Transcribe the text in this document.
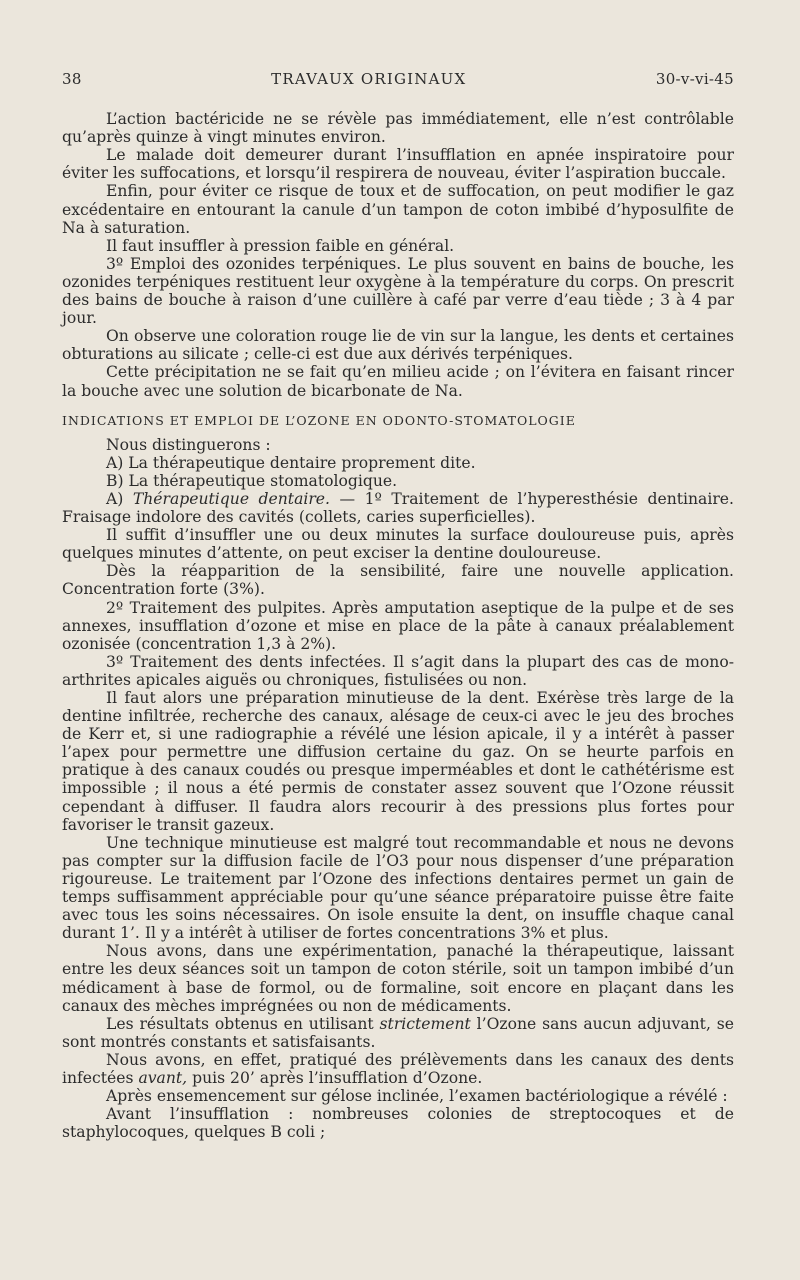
38	TRAVAUX ORIGINAUX	30-v-vi-45

L’action bactéricide ne se révèle pas immédiatement, elle n’est contrôlable qu’après quinze à vingt minutes environ.

Le malade doit demeurer durant l’insufflation en apnée inspiratoire pour éviter les suffocations, et lorsqu’il respirera de nouveau, éviter l’aspiration buccale.

Enfin, pour éviter ce risque de toux et de suffocation, on peut modifier le gaz excédentaire en entourant la canule d’un tampon de coton imbibé d’hyposulfite de Na à saturation.

Il faut insuffler à pression faible en général.

3º Emploi des ozonides terpéniques. Le plus souvent en bains de bouche, les ozonides terpéniques restituent leur oxygène à la température du corps. On prescrit des bains de bouche à raison d’une cuillère à café par verre d’eau tiède ; 3 à 4 par jour.

On observe une coloration rouge lie de vin sur la langue, les dents et certaines obturations au silicate ; celle-ci est due aux dérivés terpéniques.

Cette précipitation ne se fait qu’en milieu acide ; on l’évitera en faisant rincer la bouche avec une solution de bicarbonate de Na.

INDICATIONS ET EMPLOI DE L’OZONE EN ODONTO-STOMATOLOGIE

Nous distinguerons :

A) La thérapeutique dentaire proprement dite.

B) La thérapeutique stomatologique.

A) Thérapeutique dentaire. — 1º Traitement de l’hyperesthésie dentinaire. Fraisage indolore des cavités (collets, caries superficielles).

Il suffit d’insuffler une ou deux minutes la surface douloureuse puis, après quelques minutes d’attente, on peut exciser la dentine douloureuse.

Dès la réapparition de la sensibilité, faire une nouvelle application. Concentration forte (3%).

2º Traitement des pulpites. Après amputation aseptique de la pulpe et de ses annexes, insufflation d’ozone et mise en place de la pâte à canaux préalablement ozonisée (concentration 1,3 à 2%).

3º Traitement des dents infectées. Il s’agit dans la plupart des cas de mono-arthrites apicales aiguës ou chroniques, fistulisées ou non.

Il faut alors une préparation minutieuse de la dent. Exérèse très large de la dentine infiltrée, recherche des canaux, alésage de ceux-ci avec le jeu des broches de Kerr et, si une radiographie a révélé une lésion apicale, il y a intérêt à passer l’apex pour permettre une diffusion certaine du gaz. On se heurte parfois en pratique à des canaux coudés ou presque imperméables et dont le cathétérisme est impossible ; il nous a été permis de constater assez souvent que l’Ozone réussit cependant à diffuser. Il faudra alors recourir à des pressions plus fortes pour favoriser le transit gazeux.

Une technique minutieuse est malgré tout recommandable et nous ne devons pas compter sur la diffusion facile de l’O3 pour nous dispenser d’une préparation rigoureuse. Le traitement par l’Ozone des infections dentaires permet un gain de temps suffisamment appréciable pour qu’une séance préparatoire puisse être faite avec tous les soins nécessaires. On isole ensuite la dent, on insuffle chaque canal durant 1’. Il y a intérêt à utiliser de fortes concentrations 3% et plus.

Nous avons, dans une expérimentation, panaché la thérapeutique, laissant entre les deux séances soit un tampon de coton stérile, soit un tampon imbibé d’un médicament à base de formol, ou de formaline, soit encore en plaçant dans les canaux des mèches imprégnées ou non de médicaments.

Les résultats obtenus en utilisant strictement l’Ozone sans aucun adjuvant, se sont montrés constants et satisfaisants.

Nous avons, en effet, pratiqué des prélèvements dans les canaux des dents infectées avant, puis 20’ après l’insufflation d’Ozone.

Après ensemencement sur gélose inclinée, l’examen bactériologique a révélé :

Avant l’insufflation : nombreuses colonies de streptocoques et de staphylocoques, quelques B coli ;
